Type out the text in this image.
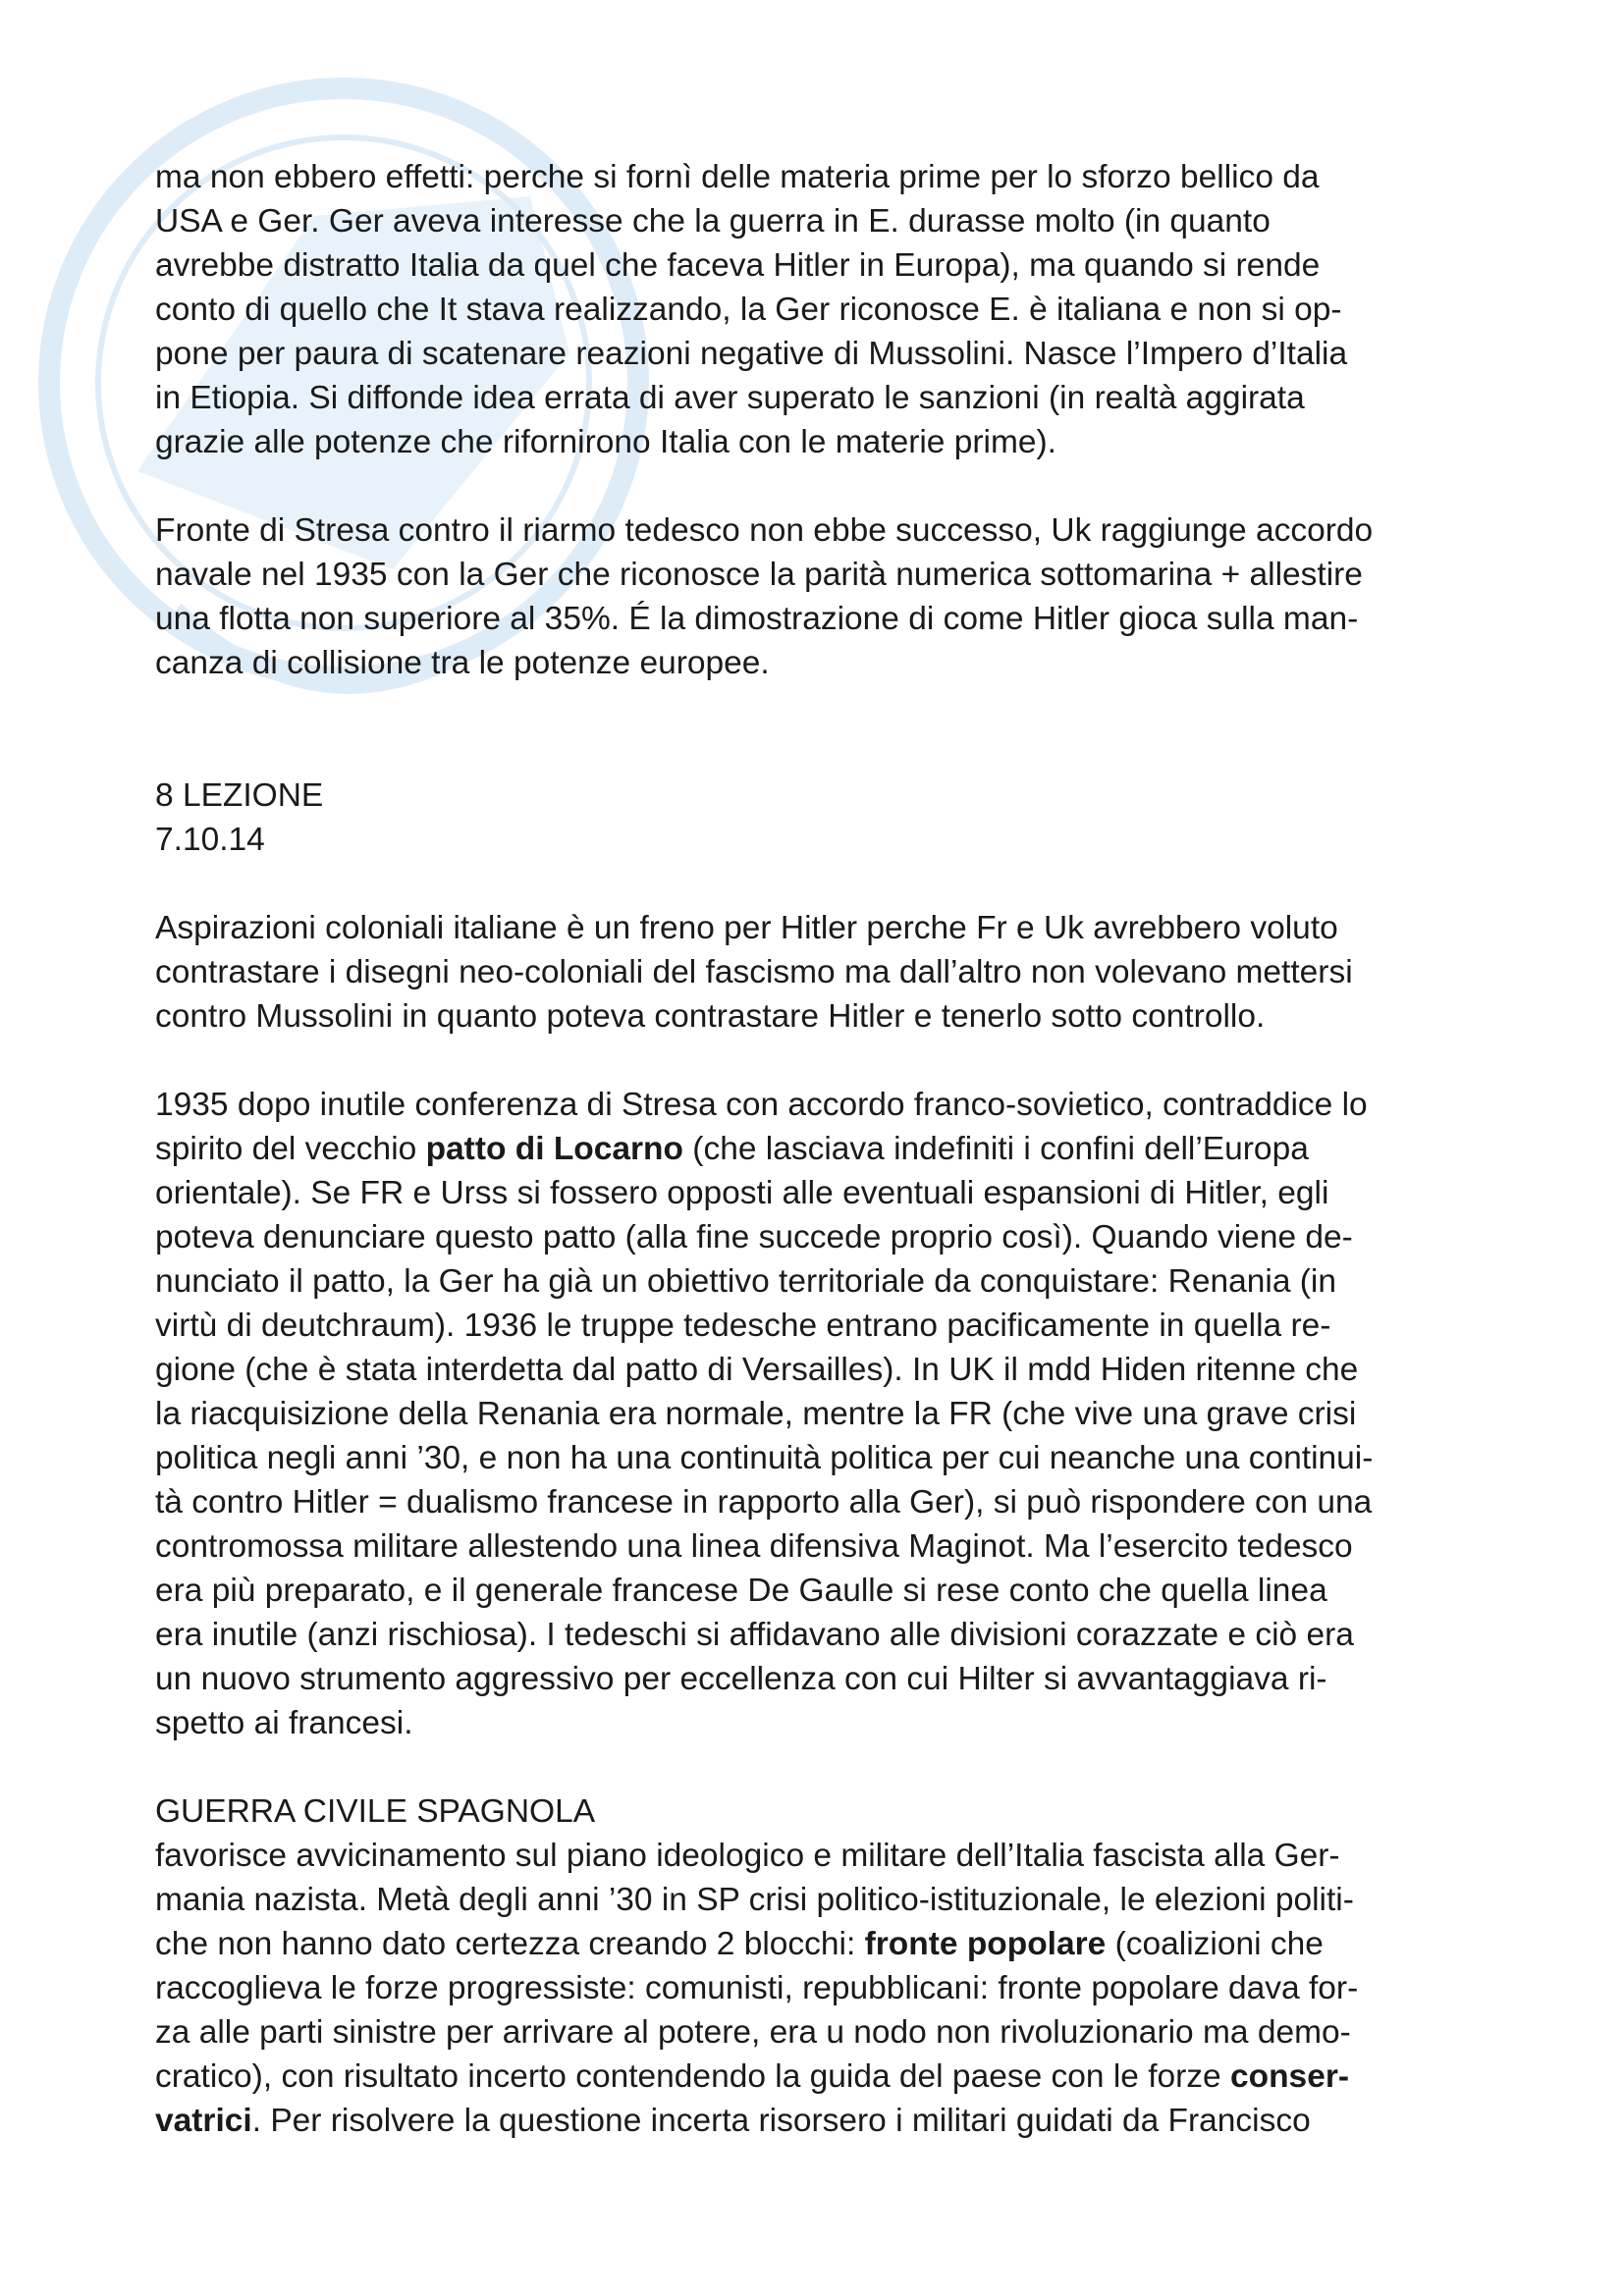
ma non ebbero effetti: perche si fornì delle materia prime per lo sforzo bellico da

USA e Ger. Ger aveva interesse che la guerra in E. durasse molto (in quanto

avrebbe distratto Italia da quel che faceva Hitler in Europa), ma quando si rende

conto di quello che It stava realizzando, la Ger riconosce E. è italiana e non si op-

pone per paura di scatenare reazioni negative di Mussolini. Nasce l’Impero d’Italia

in Etiopia. Si diffonde idea errata di aver superato le sanzioni (in realtà aggirata

grazie alle potenze che rifornirono Italia con le materie prime).

Fronte di Stresa contro il riarmo tedesco non ebbe successo, Uk raggiunge accordo

navale nel 1935 con la Ger che riconosce la parità numerica sottomarina + allestire

una flotta non superiore al 35%. É la dimostrazione di come Hitler gioca sulla man-

canza di collisione tra le potenze europee.

8 LEZIONE

7.10.14

Aspirazioni coloniali italiane è un freno per Hitler perche Fr e Uk avrebbero voluto

contrastare i disegni neo-coloniali del fascismo ma dall’altro non volevano mettersi

contro Mussolini in quanto poteva contrastare Hitler e tenerlo sotto controllo.

1935 dopo inutile conferenza di Stresa con accordo franco-sovietico, contraddice lo

spirito del vecchio patto di Locarno (che lasciava indefiniti i confini dell’Europa

orientale). Se FR e Urss si fossero opposti alle eventuali espansioni di Hitler, egli

poteva denunciare questo patto (alla fine succede proprio così). Quando viene de-

nunciato il patto, la Ger ha già un obiettivo territoriale da conquistare: Renania (in

virtù di deutchraum). 1936 le truppe tedesche entrano pacificamente in quella re-

gione (che è stata interdetta dal patto di Versailles). In UK il mdd Hiden ritenne che

la riacquisizione della Renania era normale, mentre la FR (che vive una grave crisi

politica negli anni ’30, e non ha una continuità politica per cui neanche una continui-

tà contro Hitler = dualismo francese in rapporto alla Ger), si può rispondere con una

contromossa militare allestendo una linea difensiva Maginot. Ma l’esercito tedesco

era più preparato, e il generale francese De Gaulle si rese conto che quella linea

era inutile (anzi rischiosa). I tedeschi si affidavano alle divisioni corazzate e ciò era

un nuovo strumento aggressivo per eccellenza con cui Hilter si avvantaggiava ri-

spetto ai francesi.

GUERRA CIVILE SPAGNOLA

favorisce avvicinamento sul piano ideologico e militare dell’Italia fascista alla Ger-

mania nazista. Metà degli anni ’30 in SP crisi politico-istituzionale, le elezioni politi-

che non hanno dato certezza creando 2 blocchi: fronte popolare (coalizioni che

raccoglieva le forze progressiste: comunisti, repubblicani: fronte popolare dava for-

za alle parti sinistre per arrivare al potere, era u nodo non rivoluzionario ma demo-

cratico), con risultato incerto contendendo la guida del paese con le forze conser-

vatrici. Per risolvere la questione incerta risorsero i militari guidati da Francisco
